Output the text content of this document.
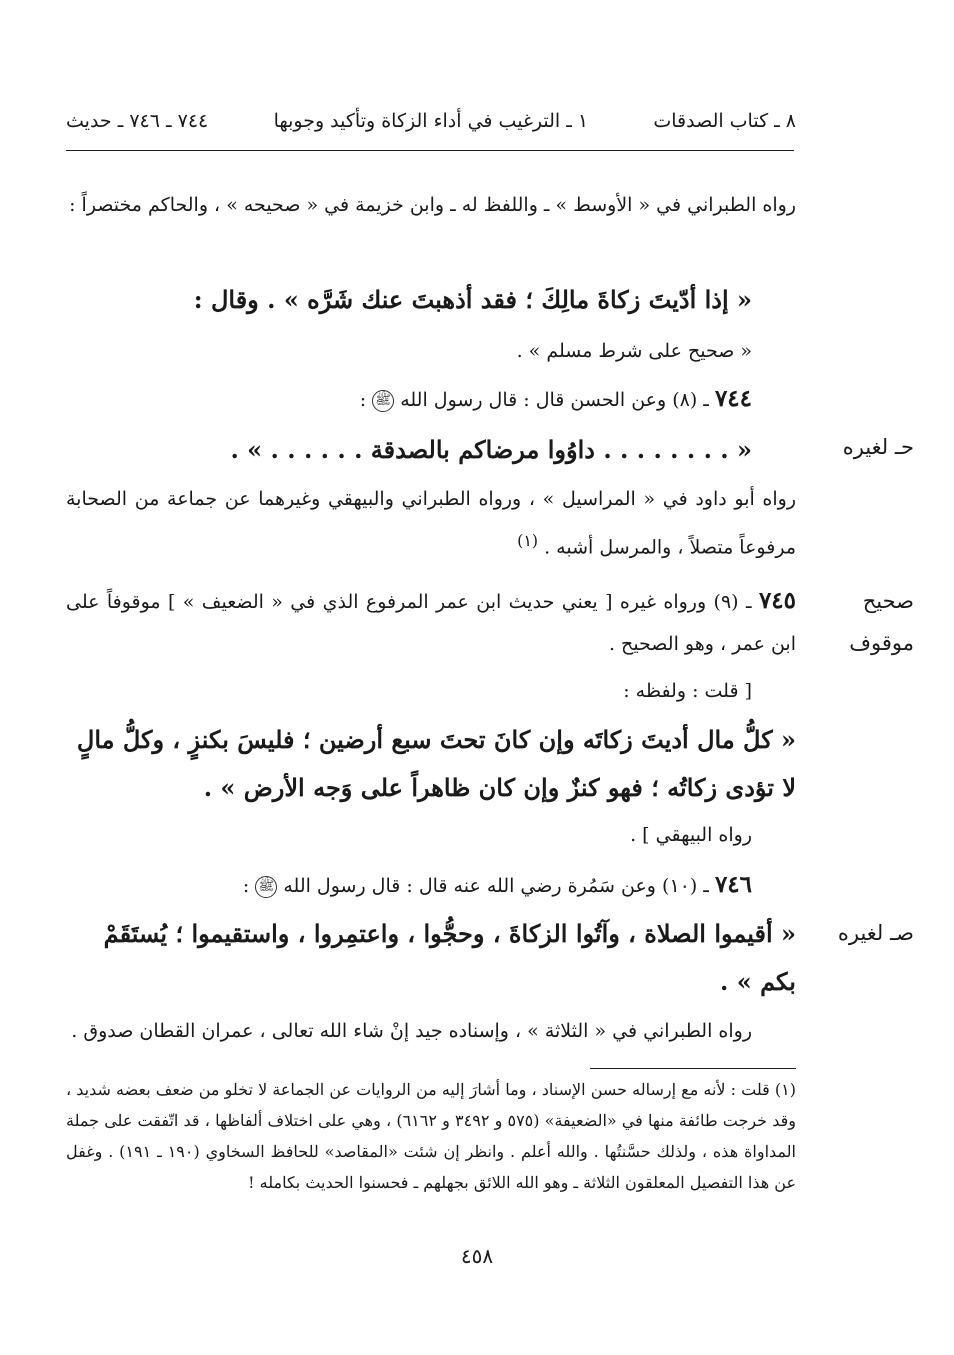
٨ ـ كتاب الصدقات
١ ـ الترغيب في أداء الزكاة وتأكيد وجوبها
٧٤٤ ـ ٧٤٦ ـ حديث

رواه الطبراني في « الأوسط » ـ واللفظ له ـ وابن خزيمة في « صحيحه » ، والحاكم مختصراً :

« إذا أدّيتَ زكاةَ مالِكَ ؛ فقد أذهبتَ عنك شَرَّه » . وقال :

« صحيح على شرط مسلم » .

٧٤٤ ـ (٨) وعن الحسن قال : قال رسول الله ﷺ :

حـ لغيره

« . . . . . . . . داوُوا مرضاكم بالصدقة . . . . . . » .

رواه أبو داود في « المراسيل » ، ورواه الطبراني والبيهقي وغيرهما عن جماعة من الصحابة مرفوعاً متصلاً ، والمرسل أشبه . $^{(١)}$

صحيح
موقوف

٧٤٥ ـ (٩) ورواه غيره [ يعني حديث ابن عمر المرفوع الذي في « الضعيف » ] موقوفاً على ابن عمر ، وهو الصحيح .

[ قلت : ولفظه :

« كلُّ مال أديتَ زكاتَه وإن كانَ تحتَ سبع أرضين ؛ فليسَ بكنزٍ ، وكلُّ مالٍ لا تؤدى زكاتُه ؛ فهو كنزٌ وإن كان ظاهراً على وَجه الأرض » .

رواه البيهقي ] .

٧٤٦ ـ (١٠) وعن سَمُرة رضي الله عنه قال : قال رسول الله ﷺ :

صـ لغيره

« أقيموا الصلاة ، وآتُوا الزكاةَ ، وحجُّوا ، واعتمِروا ، واستقيموا ؛ يُستَقَمْ بكم » .

رواه الطبراني في « الثلاثة » ، وإسناده جيد إنْ شاء الله تعالى ، عمران القطان صدوق .

(١) قلت : لأنه مع إرساله حسن الإسناد ، وما أشارَ إليه من الروايات عن الجماعة لا تخلو من ضعف بعضه شديد ، وقد خرجت طائفة منها في «الضعيفة» (٥٧٥ و ٣٤٩٢ و ٦١٦٢) ، وهي على اختلاف ألفاظها ، قد اتّفقت على جملة المداواة هذه ، ولذلك حسَّنتُها . والله أعلم . وانظر إن شئت «المقاصد» للحافظ السخاوي (١٩٠ ـ ١٩١) . وغفل عن هذا التفصيل المعلقون الثلاثة ـ وهو الله اللائق بجهلهم ـ فحسنوا الحديث بكامله !
٤٥٨
